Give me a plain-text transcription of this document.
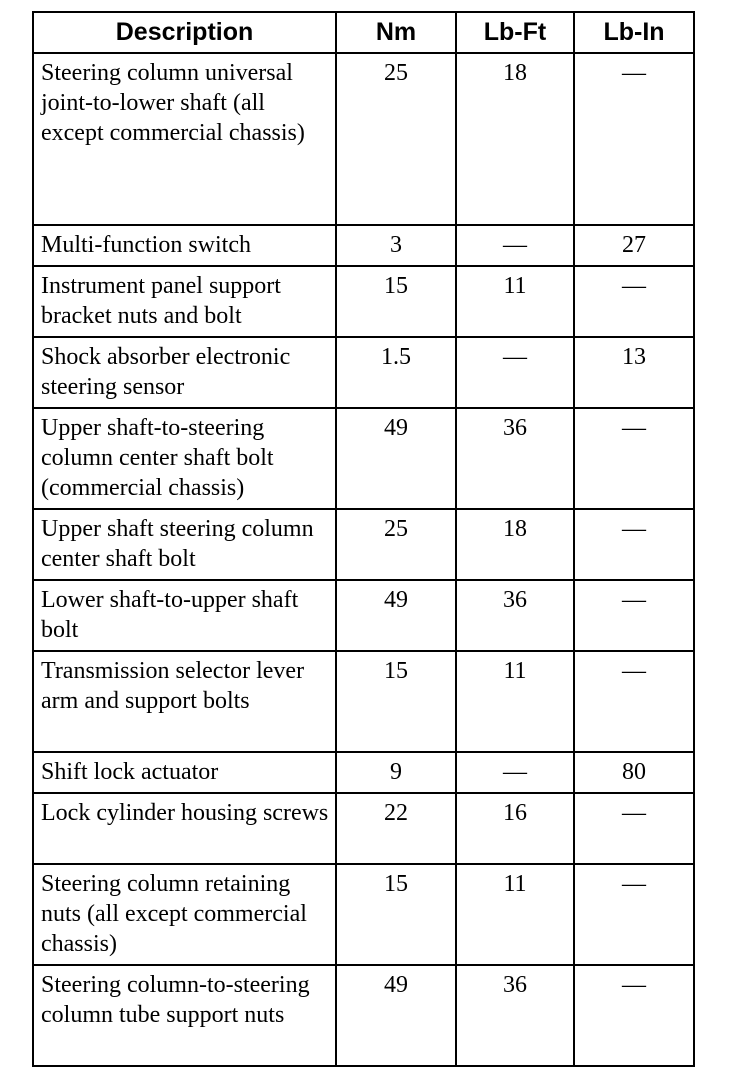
Description	Nm	Lb-Ft	Lb-In
Steering column universal joint-to-lower shaft (all except commercial chassis)	25	18	—
Multi-function switch	3	—	27
Instrument panel support bracket nuts and bolt	15	11	—
Shock absorber electronic steering sensor	1.5	—	13
Upper shaft-to-steering column center shaft bolt (commercial chassis)	49	36	—
Upper shaft steering column center shaft bolt	25	18	—
Lower shaft-to-upper shaft bolt	49	36	—
Transmission selector lever arm and support bolts	15	11	—
Shift lock actuator	9	—	80
Lock cylinder housing screws	22	16	—
Steering column retaining nuts (all except commercial chassis)	15	11	—
Steering column-to-steering column tube support nuts	49	36	—
